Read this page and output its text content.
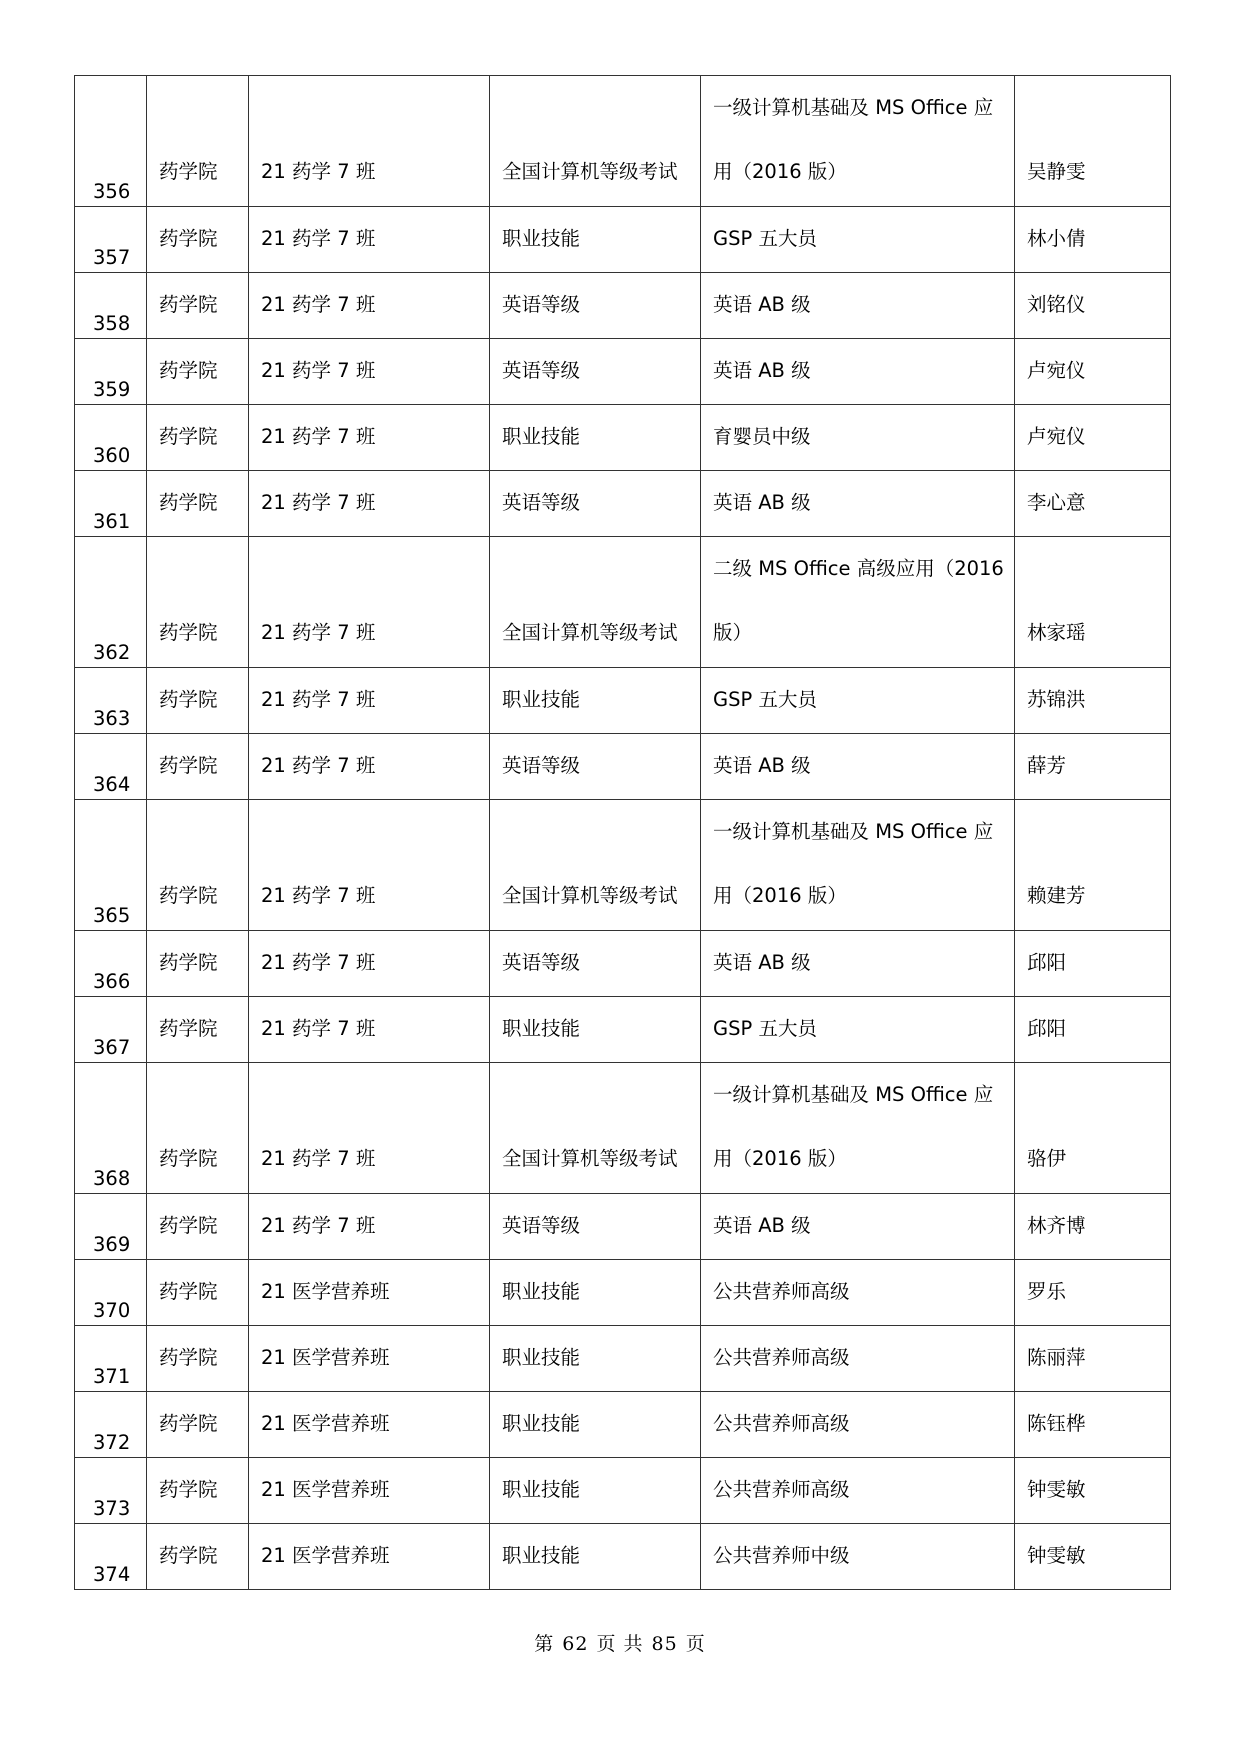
356	药学院	21 药学 7 班	全国计算机等级考试	一级计算机基础及 MS Office 应
用（2016 版）	吴静雯

357	药学院	21 药学 7 班	职业技能	GSP 五大员	林小倩

358	药学院	21 药学 7 班	英语等级	英语 AB 级	刘铭仪

359	药学院	21 药学 7 班	英语等级	英语 AB 级	卢宛仪

360	药学院	21 药学 7 班	职业技能	育婴员中级	卢宛仪

361	药学院	21 药学 7 班	英语等级	英语 AB 级	李心意

362	药学院	21 药学 7 班	全国计算机等级考试	二级 MS Office 高级应用（2016
版）	林家瑶

363	药学院	21 药学 7 班	职业技能	GSP 五大员	苏锦洪

364	药学院	21 药学 7 班	英语等级	英语 AB 级	薛芳

365	药学院	21 药学 7 班	全国计算机等级考试	一级计算机基础及 MS Office 应
用（2016 版）	赖建芳

366	药学院	21 药学 7 班	英语等级	英语 AB 级	邱阳

367	药学院	21 药学 7 班	职业技能	GSP 五大员	邱阳

368	药学院	21 药学 7 班	全国计算机等级考试	一级计算机基础及 MS Office 应
用（2016 版）	骆伊

369	药学院	21 药学 7 班	英语等级	英语 AB 级	林齐博

370	药学院	21 医学营养班	职业技能	公共营养师高级	罗乐

371	药学院	21 医学营养班	职业技能	公共营养师高级	陈丽萍

372	药学院	21 医学营养班	职业技能	公共营养师高级	陈钰桦

373	药学院	21 医学营养班	职业技能	公共营养师高级	钟雯敏

374	药学院	21 医学营养班	职业技能	公共营养师中级	钟雯敏
第 62 页 共 85 页
